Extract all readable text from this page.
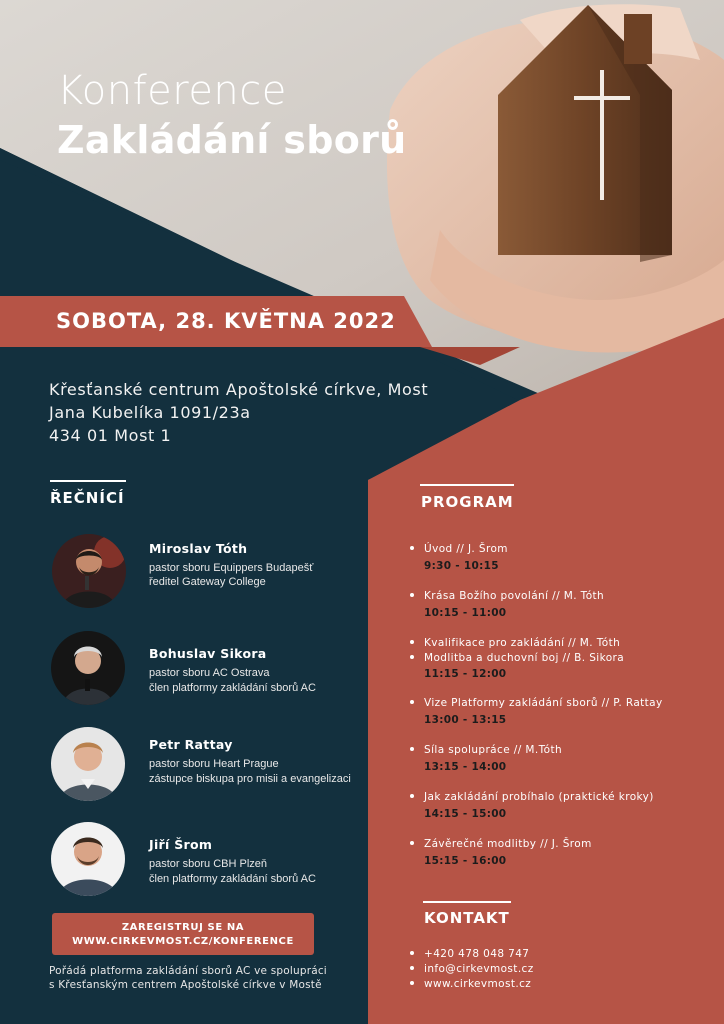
Konference
Zakládání sborů
SOBOTA, 28. KVĚTNA 2022
Křesťanské centrum Apoštolské církve, Most
Jana Kubelíka 1091/23a
434 01 Most 1
ŘEČNÍCÍ
Miroslav Tóth
pastor sboru Equippers Budapešť
ředitel Gateway College
Bohuslav Sikora
pastor sboru AC Ostrava
člen platformy zakládání sborů AC
Petr Rattay
pastor sboru Heart Prague
zástupce biskupa pro misii a evangelizaci
Jiří Šrom
pastor sboru CBH Plzeň
člen platformy zakládání sborů AC
PROGRAM
Úvod // J. Šrom
9:30 - 10:15
Krása Božího povolání // M. Tóth
10:15 - 11:00
Kvalifikace pro zakládání // M. Tóth
Modlitba a duchovní boj // B. Sikora
11:15 - 12:00
Vize Platformy zakládání sborů // P. Rattay
13:00 - 13:15
Síla spolupráce // M.Tóth
13:15 - 14:00
Jak zakládání probíhalo (praktické kroky)
14:15 - 15:00
Závěrečné modlitby // J. Šrom
15:15 - 16:00
KONTAKT
+420 478 048 747
info@cirkevmost.cz
www.cirkevmost.cz
ZAREGISTRUJ SE NA
WWW.CIRKEVMOST.CZ/KONFERENCE
Pořádá platforma zakládání sborů AC ve spolupráci
s Křesťanským centrem Apoštolské církve v Mostě
